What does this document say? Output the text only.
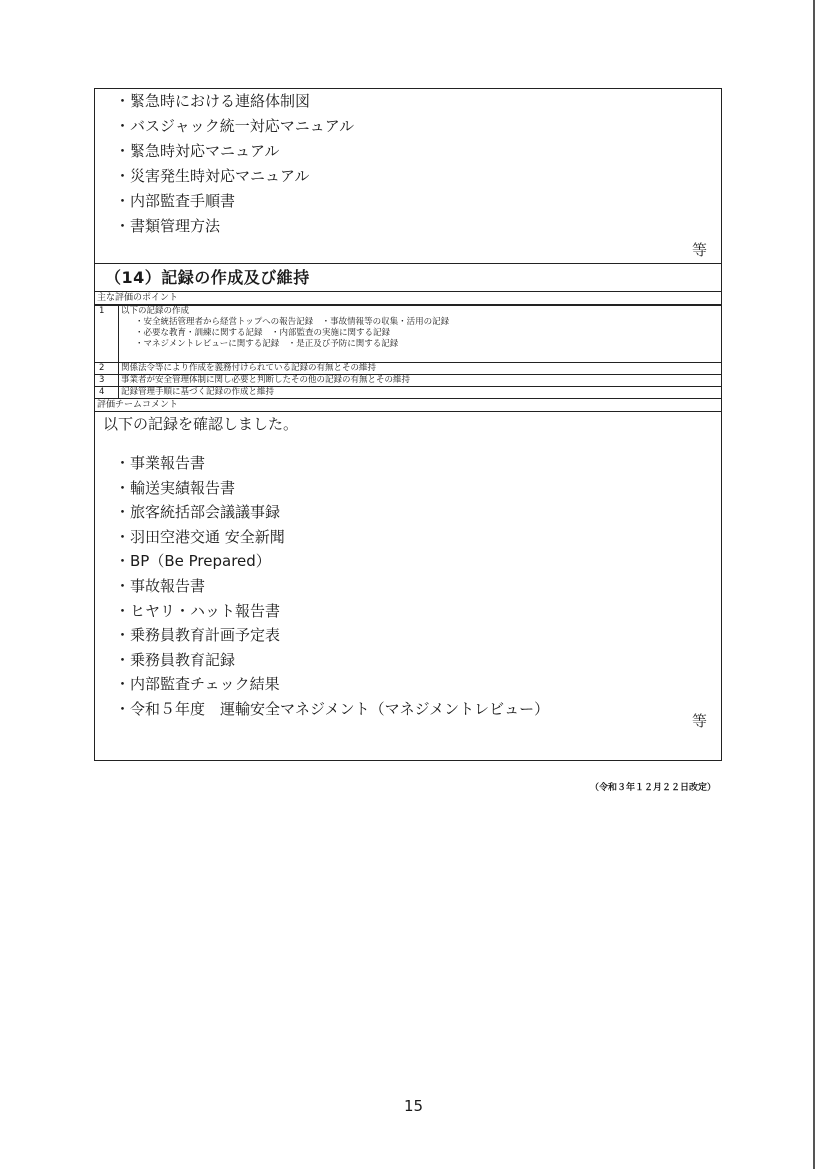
・ 緊急時における連絡体制図

・ バスジャック統一対応マニュアル

・ 緊急時対応マニュアル

・ 災害発生時対応マニュアル

・ 内部監査手順書

・ 書類管理方法

等
（14）記録の作成及び維持
主な評価のポイント
1	以下の記録の作成
・安全統括管理者から経営トップへの報告記録　・事故情報等の収集・活用の記録
・必要な教育・訓練に関する記録　・内部監査の実施に関する記録
・マネジメントレビューに関する記録　・是正及び予防に関する記録

2	関係法令等により作成を義務付けられている記録の有無とその維持
3	事業者が安全管理体制に関し必要と判断したその他の記録の有無とその維持
4	記録管理手順に基づく記録の作成と維持
評価チームコメント

以下の記録を確認しました。

・ 事業報告書

・ 輸送実績報告書

・ 旅客統括部会議議事録

・ 羽田空港交通 安全新聞

・ BP（Be Prepared）

・ 事故報告書

・ ヒヤリ・ハット報告書

・ 乗務員教育計画予定表

・ 乗務員教育記録

・ 内部監査チェック結果

・ 令和５年度　運輸安全マネジメント（マネジメントレビュー）

等
（令和３年１２月２２日改定）
15
